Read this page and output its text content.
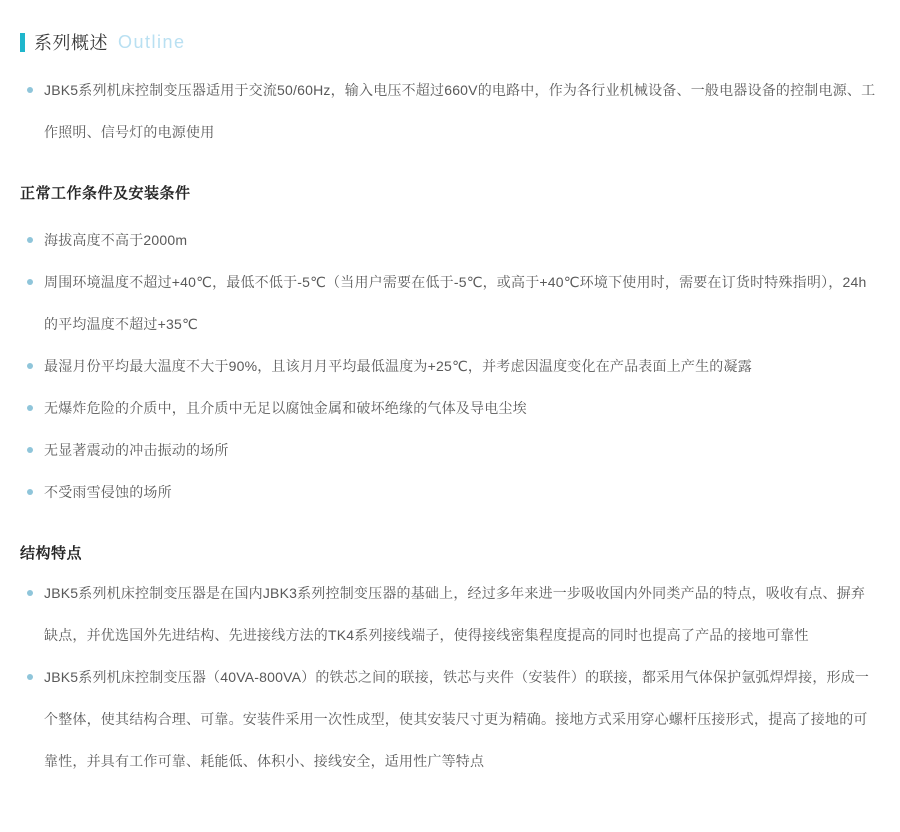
系列概述 Outline
JBK5系列机床控制变压器适用于交流50/60Hz，输入电压不超过660V的电路中，作为各行业机械设备、一般电器设备的控制电源、工作照明、信号灯的电源使用
正常工作条件及安装条件
海拔高度不高于2000m
周围环境温度不超过+40℃，最低不低于-5℃（当用户需要在低于-5℃，或高于+40℃环境下使用时，需要在订货时特殊指明），24h的平均温度不超过+35℃
最湿月份平均最大温度不大于90%，且该月月平均最低温度为+25℃，并考虑因温度变化在产品表面上产生的凝露
无爆炸危险的介质中，且介质中无足以腐蚀金属和破坏绝缘的气体及导电尘埃
无显著震动的冲击振动的场所
不受雨雪侵蚀的场所
结构特点
JBK5系列机床控制变压器是在国内JBK3系列控制变压器的基础上，经过多年来进一步吸收国内外同类产品的特点，吸收有点、摒弃缺点，并优选国外先进结构、先进接线方法的TK4系列接线端子，使得接线密集程度提高的同时也提高了产品的接地可靠性
JBK5系列机床控制变压器（40VA-800VA）的铁芯之间的联接，铁芯与夹件（安装件）的联接，都采用气体保护氩弧焊焊接，形成一个整体，使其结构合理、可靠。安装件采用一次性成型，使其安装尺寸更为精确。接地方式采用穿心螺杆压接形式，提高了接地的可靠性，并具有工作可靠、耗能低、体积小、接线安全，适用性广等特点
